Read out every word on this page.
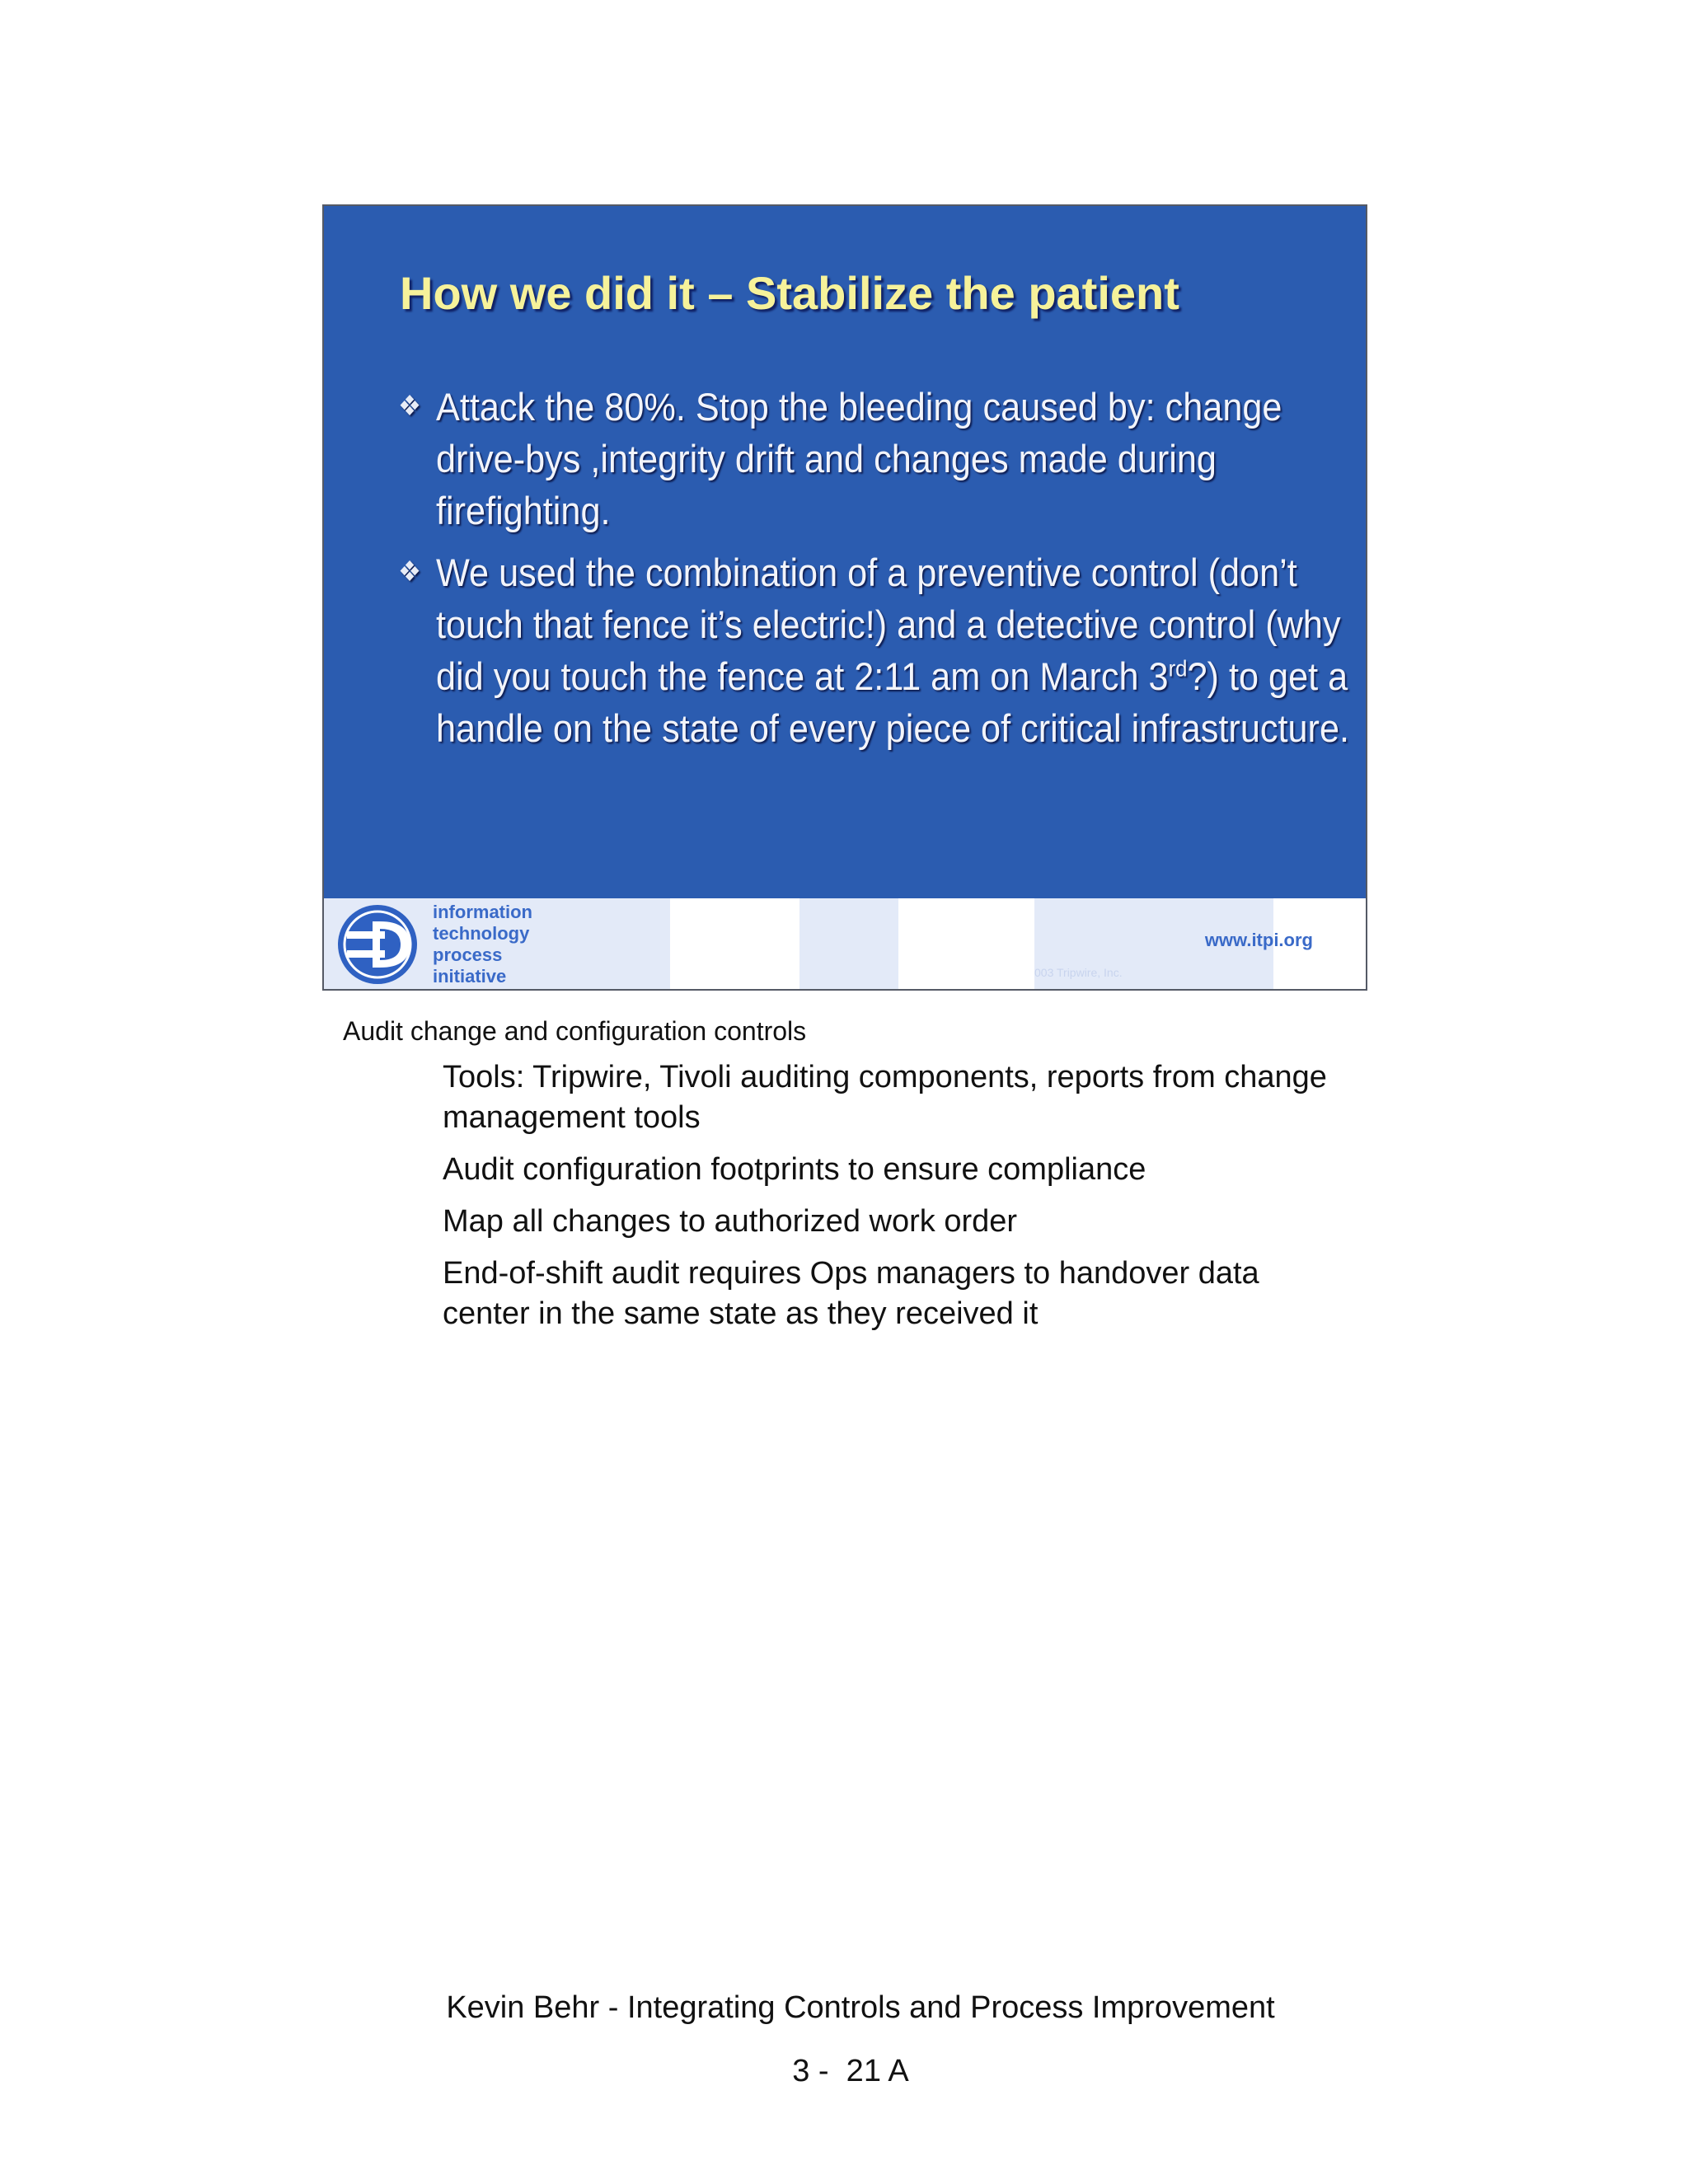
How we did it – Stabilize the patient
❖ Attack the 80%. Stop the bleeding caused by: change drive-bys ,integrity drift and changes made during firefighting.
❖ We used the combination of a preventive control (don’t touch that fence it’s electric!) and a detective control (why did you touch the fence at 2:11 am on March 3rd?) to get a handle on the state of every piece of critical infrastructure.
information
technology
process
initiative	003 Tripwire, Inc.
www.itpi.org
Audit change and configuration controls
Tools: Tripwire, Tivoli auditing components, reports from change management tools
Audit configuration footprints to ensure compliance
Map all changes to authorized work order
End-of-shift audit requires Ops managers to handover data center in the same state as they received it
Kevin Behr - Integrating Controls and Process Improvement
3 -  21 A
